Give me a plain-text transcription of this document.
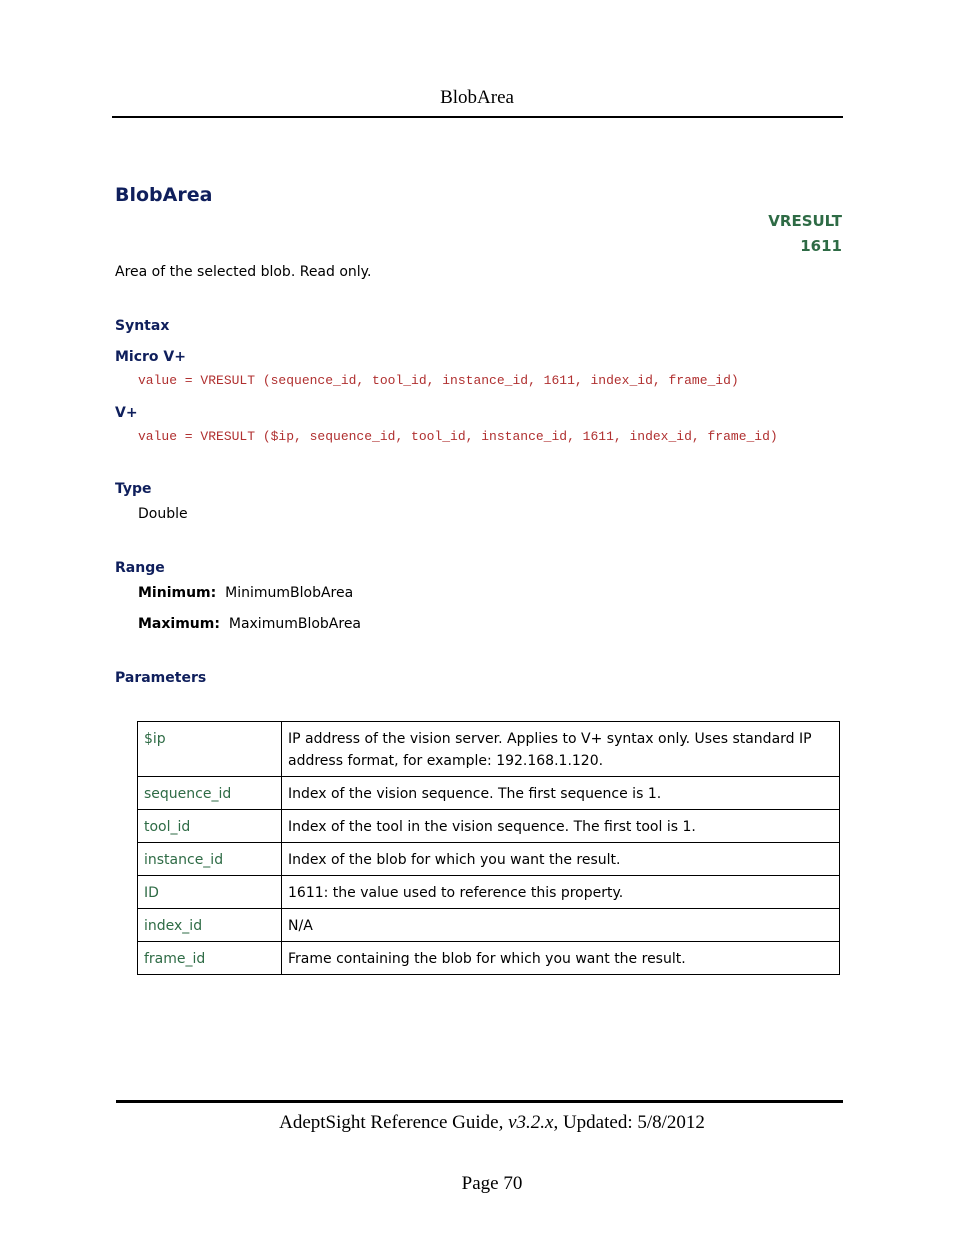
BlobArea
BlobArea
VRESULT
1611
Area of the selected blob. Read only.
Syntax
Micro V+
value = VRESULT (sequence_id, tool_id, instance_id, 1611, index_id, frame_id)
V+
value = VRESULT ($ip, sequence_id, tool_id, instance_id, 1611, index_id, frame_id)
Type
Double
Range
Minimum: MinimumBlobArea
Maximum: MaximumBlobArea
Parameters
$ip	IP address of the vision server. Applies to V+ syntax only. Uses standard IP address format, for example: 192.168.1.120.
sequence_id	Index of the vision sequence. The first sequence is 1.
tool_id	Index of the tool in the vision sequence. The first tool is 1.
instance_id	Index of the blob for which you want the result.
ID	1611: the value used to reference this property.
index_id	N/A
frame_id	Frame containing the blob for which you want the result.
AdeptSight Reference Guide, v3.2.x, Updated: 5/8/2012
Page 70
